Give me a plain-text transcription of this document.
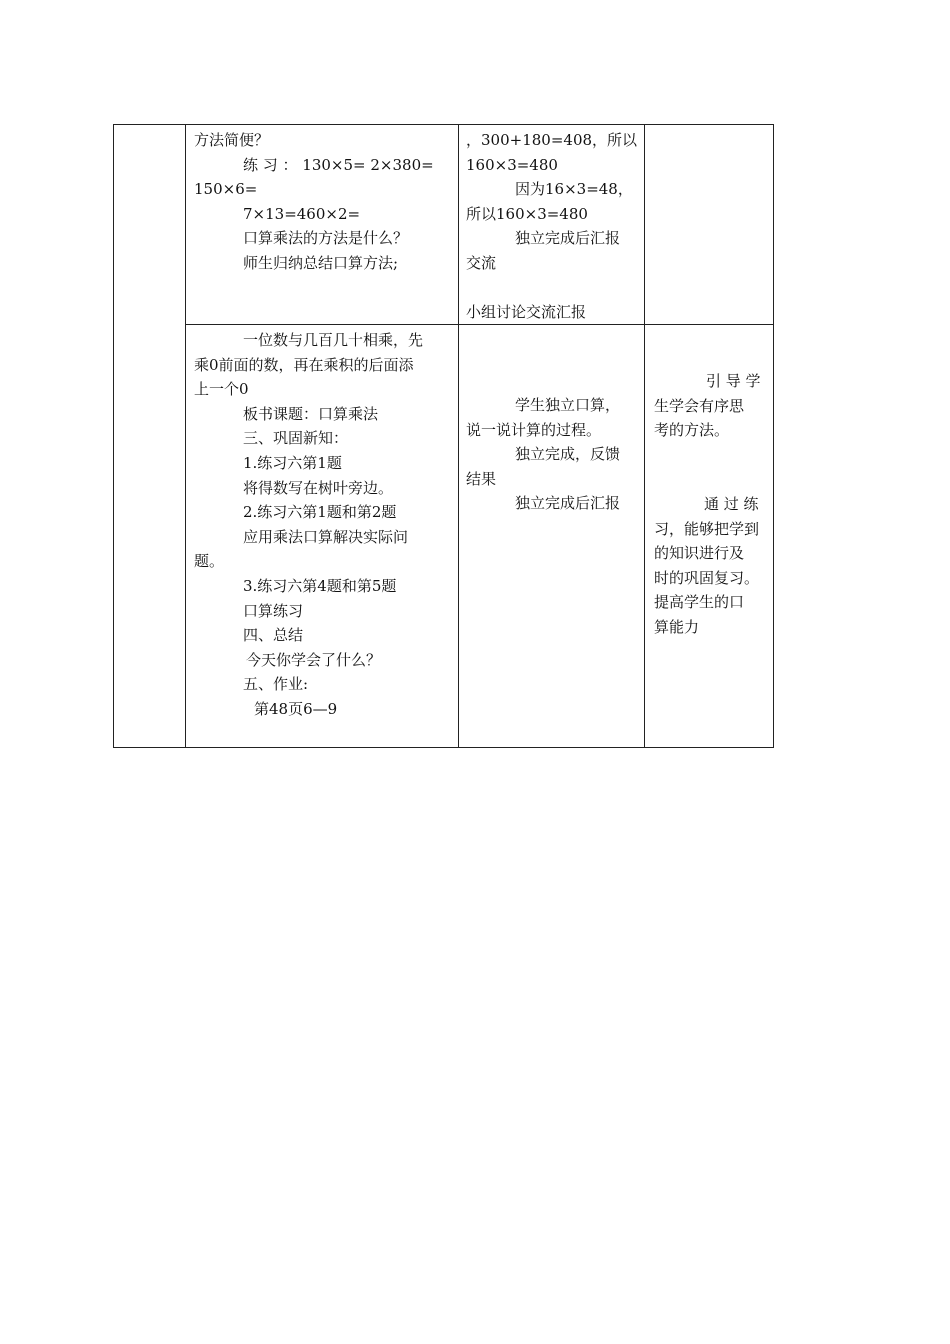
方法简便？

练 习 ： 130×5= 2×380=

150×6=

7×13=460×2=

口算乘法的方法是什么？

师生归纳总结口算方法;

，300+180=408，所以

160×3=480

因为16×3=48，

所以160×3=480

独立完成后汇报

交流

小组讨论交流汇报

一位数与几百几十相乘，先

乘0前面的数，再在乘积的后面添

上一个0

板书课题：口算乘法

三、巩固新知：

1.练习六第1题

将得数写在树叶旁边。

2.练习六第1题和第2题

应用乘法口算解决实际问

题。

3.练习六第4题和第5题

口算练习

四、总结

今天你学会了什么？

五、作业:

第48页6—9

学生独立口算，

说一说计算的过程。

独立完成，反馈

结果

独立完成后汇报

引 导 学

生学会有序思

考的方法。

通 过 练

习，能够把学到

的知识进行及

时的巩固复习。

提高学生的口

算能力
